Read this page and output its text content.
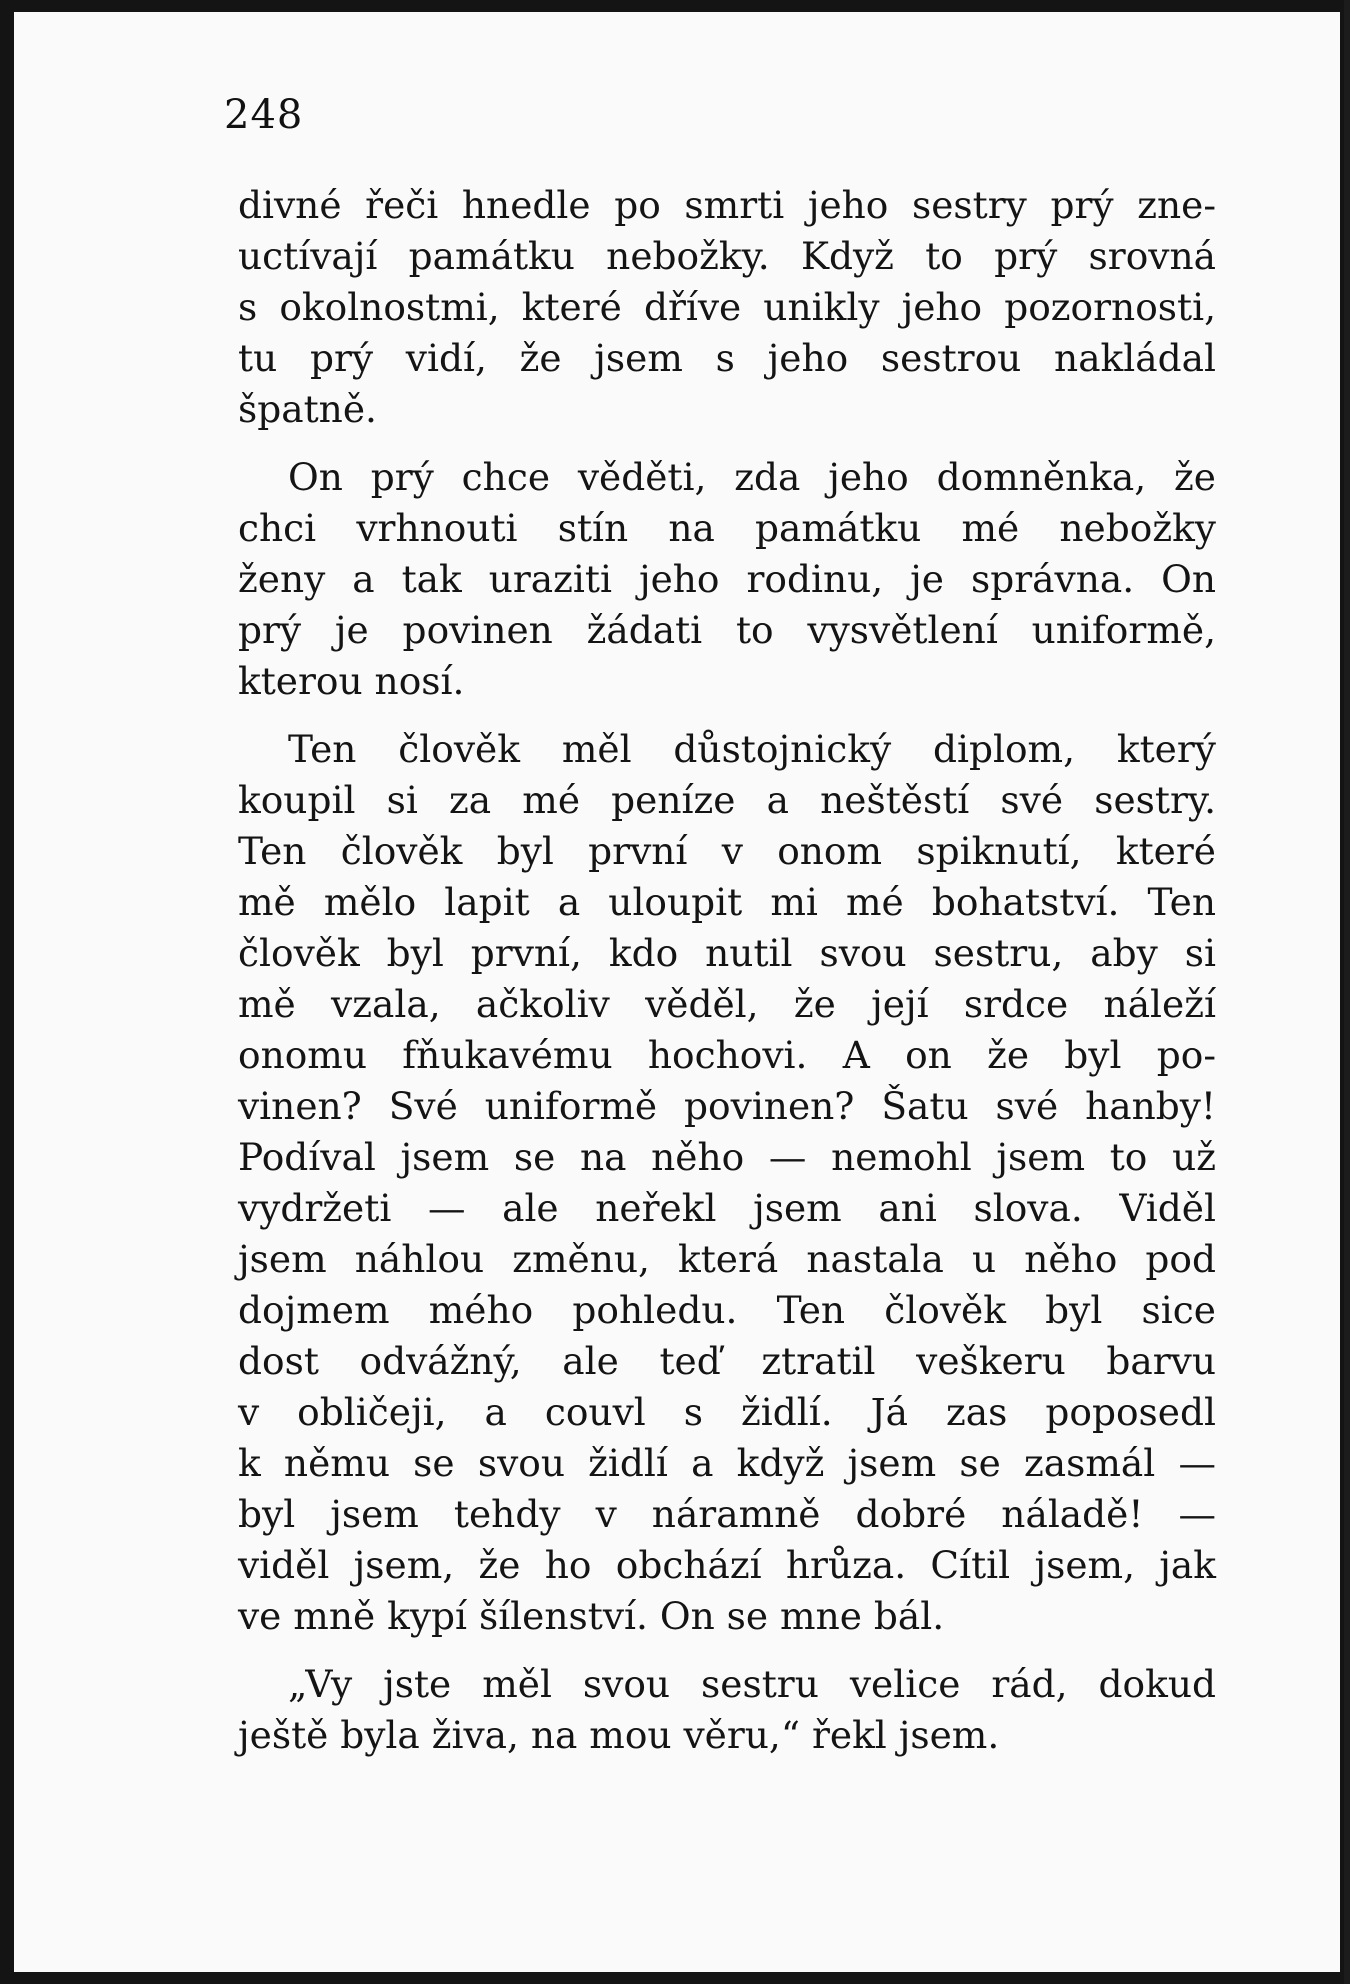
248
divné řeči hnedle po smrti jeho sestry prý zne-
uctívají památku nebožky. Když to prý srovná
s okolnostmi, které dříve unikly jeho pozornosti,
tu prý vidí, že jsem s jeho sestrou nakládal
špatně.
On prý chce věděti, zda jeho domněnka, že
chci vrhnouti stín na památku mé nebožky
ženy a tak uraziti jeho rodinu, je správna. On
prý je povinen žádati to vysvětlení uniformě,
kterou nosí.
Ten člověk měl důstojnický diplom, který
koupil si za mé peníze a neštěstí své sestry.
Ten člověk byl první v onom spiknutí, které
mě mělo lapit a uloupit mi mé bohatství. Ten
člověk byl první, kdo nutil svou sestru, aby si
mě vzala, ačkoliv věděl, že její srdce náleží
onomu fňukavému hochovi. A on že byl po-
vinen? Své uniformě povinen? Šatu své hanby!
Podíval jsem se na něho — nemohl jsem to už
vydržeti — ale neřekl jsem ani slova. Viděl
jsem náhlou změnu, která nastala u něho pod
dojmem mého pohledu. Ten člověk byl sice
dost odvážný, ale teď ztratil veškeru barvu
v obličeji, a couvl s židlí. Já zas poposedl
k němu se svou židlí a když jsem se zasmál —
byl jsem tehdy v náramně dobré náladě! —
viděl jsem, že ho obchází hrůza. Cítil jsem, jak
ve mně kypí šílenství. On se mne bál.
„Vy jste měl svou sestru velice rád, dokud
ještě byla živa, na mou věru,“ řekl jsem.
